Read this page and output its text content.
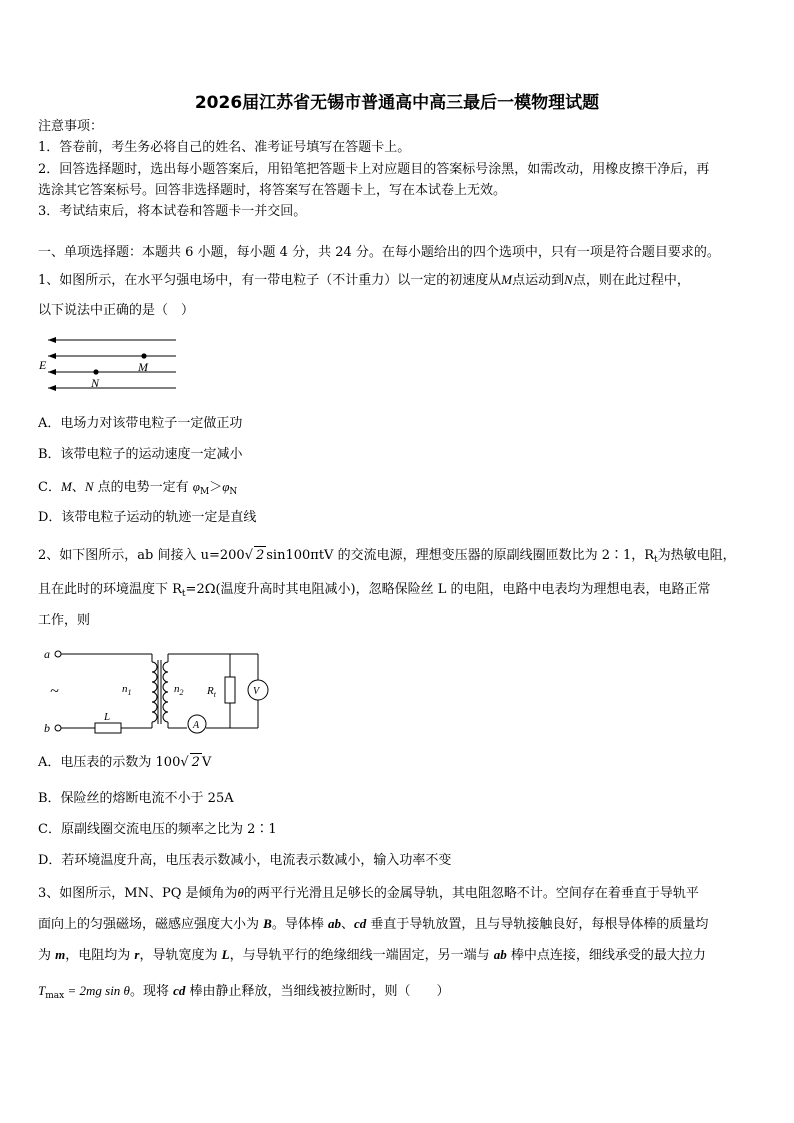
2026届江苏省无锡市普通高中高三最后一模物理试题
注意事项：
1．答卷前，考生务必将自己的姓名、准考证号填写在答题卡上。
2．回答选择题时，选出每小题答案后，用铅笔把答题卡上对应题目的答案标号涂黑，如需改动，用橡皮擦干净后，再
选涂其它答案标号。回答非选择题时，将答案写在答题卡上，写在本试卷上无效。
3．考试结束后，将本试卷和答题卡一并交回。
一、单项选择题：本题共 6 小题，每小题 4 分，共 24 分。在每小题给出的四个选项中，只有一项是符合题目要求的。
1、如图所示，在水平匀强电场中，有一带电粒子（不计重力）以一定的初速度从M点运动到N点，则在此过程中，
以下说法中正确的是（　）
E	M
N
A．电场力对该带电粒子一定做正功
B．该带电粒子的运动速度一定减小
C．M、N 点的电势一定有 $\varphi_M>\varphi_N$
D．该带电粒子运动的轨迹一定是直线
2、如下图所示，ab 间接入 u=200√ 2 sin100πtV 的交流电源，理想变压器的原副线圈匝数比为 2∶1，$R_t$为热敏电阻，
且在此时的环境温度下 $R_t=2\Omega$(温度升高时其电阻减小)，忽略保险丝 L 的电阻，电路中电表均为理想电表，电路正常
工作，则
a
b
~
L
$n_1$	$n_2$ $R_t$	V
A
A．电压表的示数为 100√ 2 V
B．保险丝的熔断电流不小于 25A
C．原副线圈交流电压的频率之比为 2∶1
D．若环境温度升高，电压表示数减小，电流表示数减小，输入功率不变
3、如图所示，MN、PQ 是倾角为θ的两平行光滑且足够长的金属导轨，其电阻忽略不计。空间存在着垂直于导轨平
面向上的匀强磁场，磁感应强度大小为 B。导体棒 ab、cd 垂直于导轨放置，且与导轨接触良好，每根导体棒的质量均
为 m，电阻均为 r，导轨宽度为 L，与导轨平行的绝缘细线一端固定，另一端与 ab 棒中点连接，细线承受的最大拉力
$T_{max} = 2mg$ sin θ。现将 cd 棒由静止释放，当细线被拉断时，则（　　）
